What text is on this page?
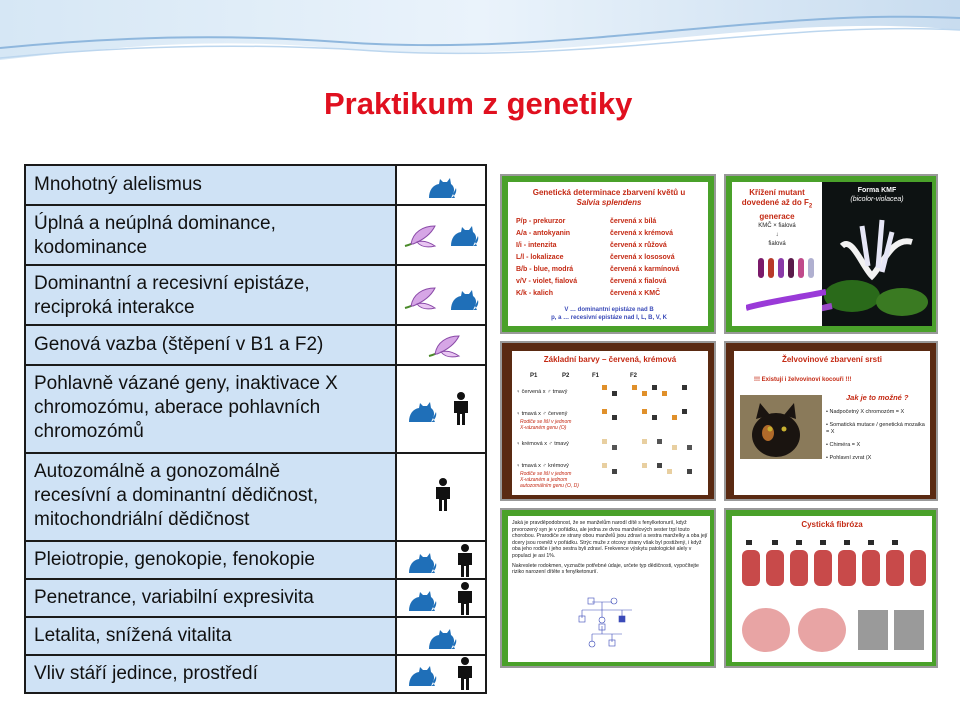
Praktikum z genetiky
Mnohotný alelismus
Úplná a neúplná dominance,
kodominance
Dominantní a recesivní epistáze,
reciproká interakce
Genová vazba (štěpení v B1 a F2)
Pohlavně vázané geny, inaktivace X
chromozómu, aberace pohlavních
chromozómů
Autozomálně a gonozomálně
recesívní a dominantní dědičnost,
mitochondriální dědičnost
Pleiotropie, genokopie, fenokopie
Penetrance, variabilní expresivita
Letalita, snížená vitalita
Vliv stáří jedince, prostředí
Genetická determinace zbarvení květů u
Salvia splendens
P/p - prekurzor	červená x bílá
A/a - antokyanin	červená x krémová
I/i - intenzita	červená x růžová
L/l - lokalizace	červená x lososová
B/b - blue, modrá	červená x karmínová
v/V - violet, fialová	červená x fialová
K/k - kalich	červená x KMČ
V … dominantní epistáze nad B
p, a … recesivní epistáze nad I, L, B, V, K
Křížení mutant
dovedené až do $F_2$
generace
KMČ × fialová
↓
fialová
Forma KMF
(bicolor-violacea)
Základní barvy – červená, krémová
P1	P2	F1	F2
♀ červená x ♂ tmavý
♀ tmavá x ♂ červený
Rodiče se liší v jednom
X-vázaném genu (O)
♀ krémová x ♂ tmavý
♀ tmavá x ♂ krémový
Rodiče se liší v jednom
X-vázaném a jednom
autozomálním genu (O, D)
Želvovinové zbarvení srsti
!!! Existují i želvovinoví kocouři !!!
Jak je to možné ?
• Nadpočetný X chromozóm = X
• Somatická mutace / genetická mozaika = X
• Chiméra = X
• Pohlavní zvrat (X
Jaká je pravděpodobnost, že se manželům narodí dítě s fenylketonurií, když prvorozený syn je v pořádku, ale jedna ze dvou manželových sester trpí touto chorobou. Prarodiče ze strany obou manželů jsou zdraví a sestra manželky a oba její dcery jsou rovněž v pořádku. Strýc muže z otcovy strany však byl postižený, i když oba jeho rodiče i jeho sestra byli zdraví. Frekvence výskytu patologické alely v populaci je asi 1%.
Nakreslete rodokmen, vyznačte potřebné údaje, určete typ dědičnosti, vypočítejte riziko narození dítěte s fenylketonurií.
Cystická fibróza
